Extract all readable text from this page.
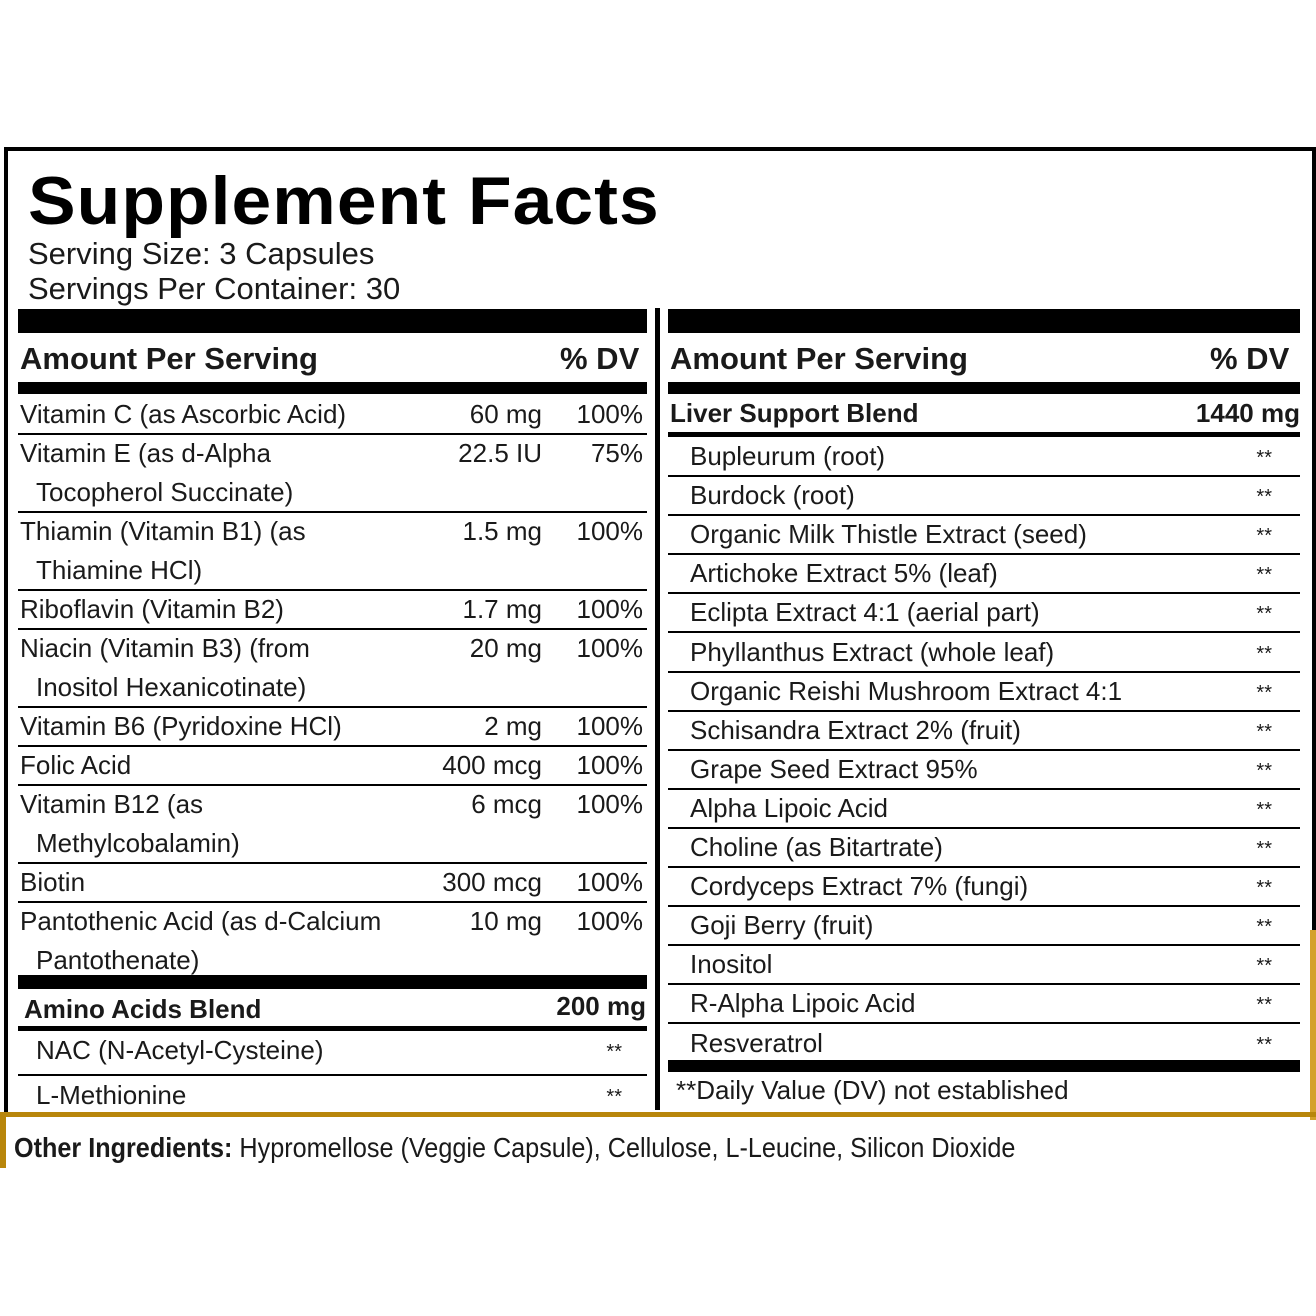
Supplement Facts
Serving Size: 3 Capsules
Servings Per Container: 30
Amount Per Serving	% DV
Vitamin C (as Ascorbic Acid)	60 mg	100%
Vitamin E (as d-Alpha
Tocopherol Succinate)
22.5 IU	75%
Thiamin (Vitamin B1) (as
Thiamine HCl)
1.5 mg	100%
Riboflavin (Vitamin B2)	1.7 mg	100%
Niacin (Vitamin B3) (from
Inositol Hexanicotinate)
20 mg	100%
Vitamin B6 (Pyridoxine HCl)	2 mg	100%
Folic Acid	400 mcg	100%
Vitamin B12 (as
Methylcobalamin)
6 mcg	100%
Biotin	300 mcg	100%
Pantothenic Acid (as d-Calcium
Pantothenate)
10 mg	100%
Amino Acids Blend	200 mg
NAC (N-Acetyl-Cysteine)	**
L-Methionine	**
Amount Per Serving	% DV
Liver Support Blend	1440 mg
Bupleurum (root)	**
Burdock (root)	**
Organic Milk Thistle Extract (seed)	**
Artichoke Extract 5% (leaf)	**
Eclipta Extract 4:1 (aerial part)	**
Phyllanthus Extract (whole leaf)	**
Organic Reishi Mushroom Extract 4:1	**
Schisandra Extract 2% (fruit)	**
Grape Seed Extract 95%	**
Alpha Lipoic Acid	**
Choline (as Bitartrate)	**
Cordyceps Extract 7% (fungi)	**
Goji Berry (fruit)	**
Inositol	**
R-Alpha Lipoic Acid	**
Resveratrol	**
**Daily Value (DV) not established
Other Ingredients: Hypromellose (Veggie Capsule), Cellulose, L-Leucine, Silicon Dioxide
